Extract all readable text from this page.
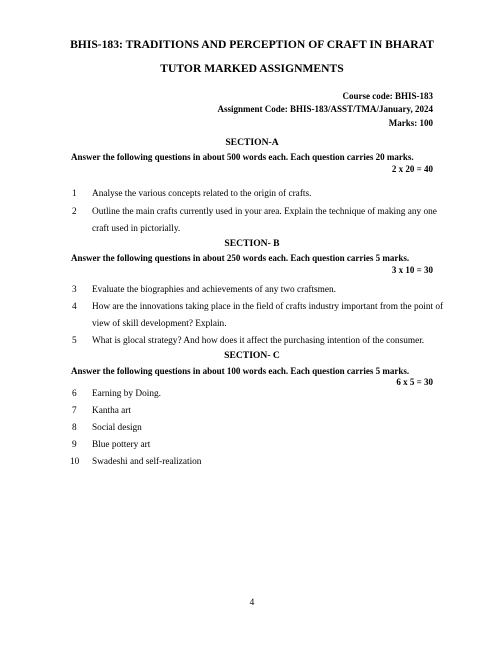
BHIS-183: TRADITIONS AND PERCEPTION OF CRAFT IN BHARAT
TUTOR MARKED ASSIGNMENTS
Course code: BHIS-183
Assignment Code: BHIS-183/ASST/TMA/January, 2024
Marks: 100
SECTION-A
Answer the following questions in about 500 words each. Each question carries 20 marks.
2 x 20 = 40
1 Analyse the various concepts related to the origin of crafts.
2 Outline the main crafts currently used in your area. Explain the technique of making any one
craft used in pictorially.
SECTION- B
Answer the following questions in about 250 words each. Each question carries 5 marks.
3 x 10 = 30
3 Evaluate the biographies and achievements of any two craftsmen.
4 How are the innovations taking place in the field of crafts industry important from the point of
view of skill development? Explain.
5 What is glocal strategy? And how does it affect the purchasing intention of the consumer.
SECTION- C
Answer the following questions in about 100 words each. Each question carries 5 marks.
6 x 5 = 30
6 Earning by Doing.
7 Kantha art
8 Social design
9 Blue pottery art
10 Swadeshi and self-realization
4
